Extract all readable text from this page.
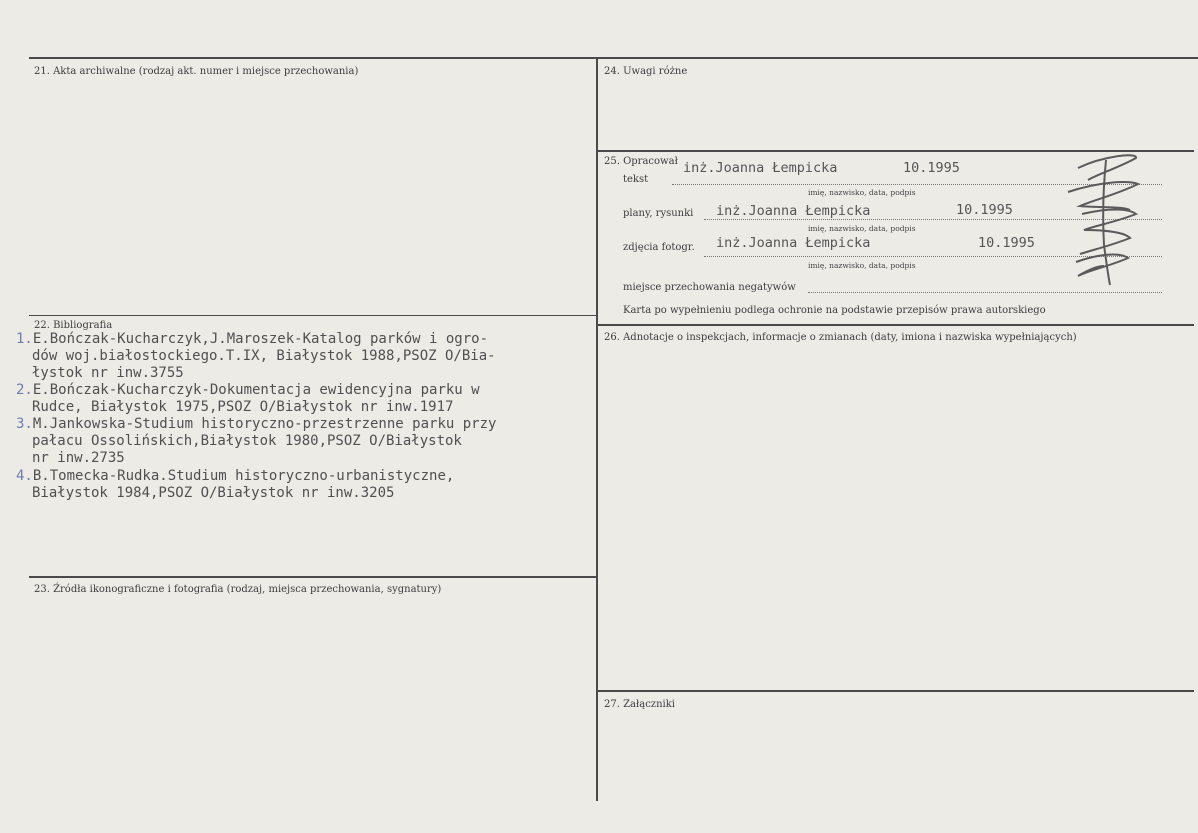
21. Akta archiwalne (rodzaj akt. numer i miejsce przechowania)
22. Bibliografia
1.E.Bończak-Kucharczyk,J.Maroszek-Katalog parków i ogro-
dów woj.białostockiego.T.IX, Białystok 1988,PSOZ O/Bia-
łystok nr inw.3755
2.E.Bończak-Kucharczyk-Dokumentacja ewidencyjna parku w
Rudce, Białystok 1975,PSOZ O/Białystok nr inw.1917
3.M.Jankowska-Studium historyczno-przestrzenne parku przy
pałacu Ossolińskich,Białystok 1980,PSOZ O/Białystok
nr inw.2735
4.B.Tomecka-Rudka.Studium historyczno-urbanistyczne,
Białystok 1984,PSOZ O/Białystok nr inw.3205
23. Źródła ikonograficzne i fotografia (rodzaj, miejsca przechowania, sygnatury)
24. Uwagi różne
25. Opracował
tekst
inż.Joanna Łempicka	10.1995
imię, nazwisko, data, podpis
plany, rysunki inż.Joanna Łempicka	10.1995
imię, nazwisko, data, podpis
zdjęcia fotogr. inż.Joanna Łempicka	10.1995
imię, nazwisko, data, podpis
miejsce przechowania negatywów
Karta po wypełnieniu podlega ochronie na podstawie przepisów prawa autorskiego
26. Adnotacje o inspekcjach, informacje o zmianach (daty, imiona i nazwiska wypełniających)
27. Załączniki
